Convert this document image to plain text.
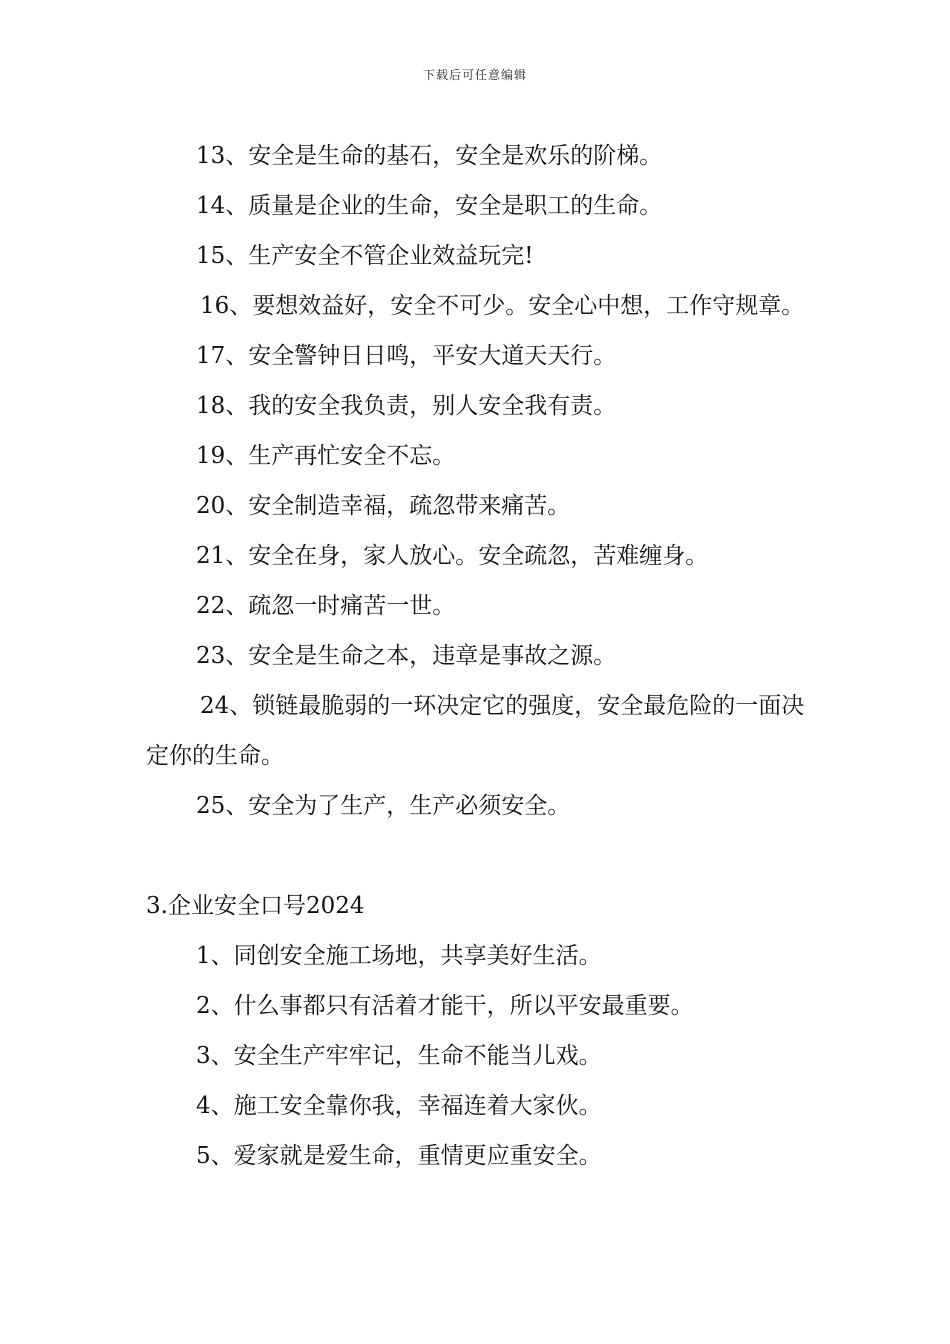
下载后可任意编辑

13、安全是生命的基石，安全是欢乐的阶梯。

14、质量是企业的生命，安全是职工的生命。

15、生产安全不管企业效益玩完!

16、要想效益好，安全不可少。安全心中想，工作守规章。

17、安全警钟日日鸣，平安大道天天行。

18、我的安全我负责，别人安全我有责。

19、生产再忙安全不忘。

20、安全制造幸福，疏忽带来痛苦。

21、安全在身，家人放心。安全疏忽，苦难缠身。

22、疏忽一时痛苦一世。

23、安全是生命之本，违章是事故之源。

24、锁链最脆弱的一环决定它的强度，安全最危险的一面决定你的生命。

25、安全为了生产，生产必须安全。

3.企业安全口号2024

1、同创安全施工场地，共享美好生活。

2、什么事都只有活着才能干，所以平安最重要。

3、安全生产牢牢记，生命不能当儿戏。

4、施工安全靠你我，幸福连着大家伙。

5、爱家就是爱生命，重情更应重安全。
